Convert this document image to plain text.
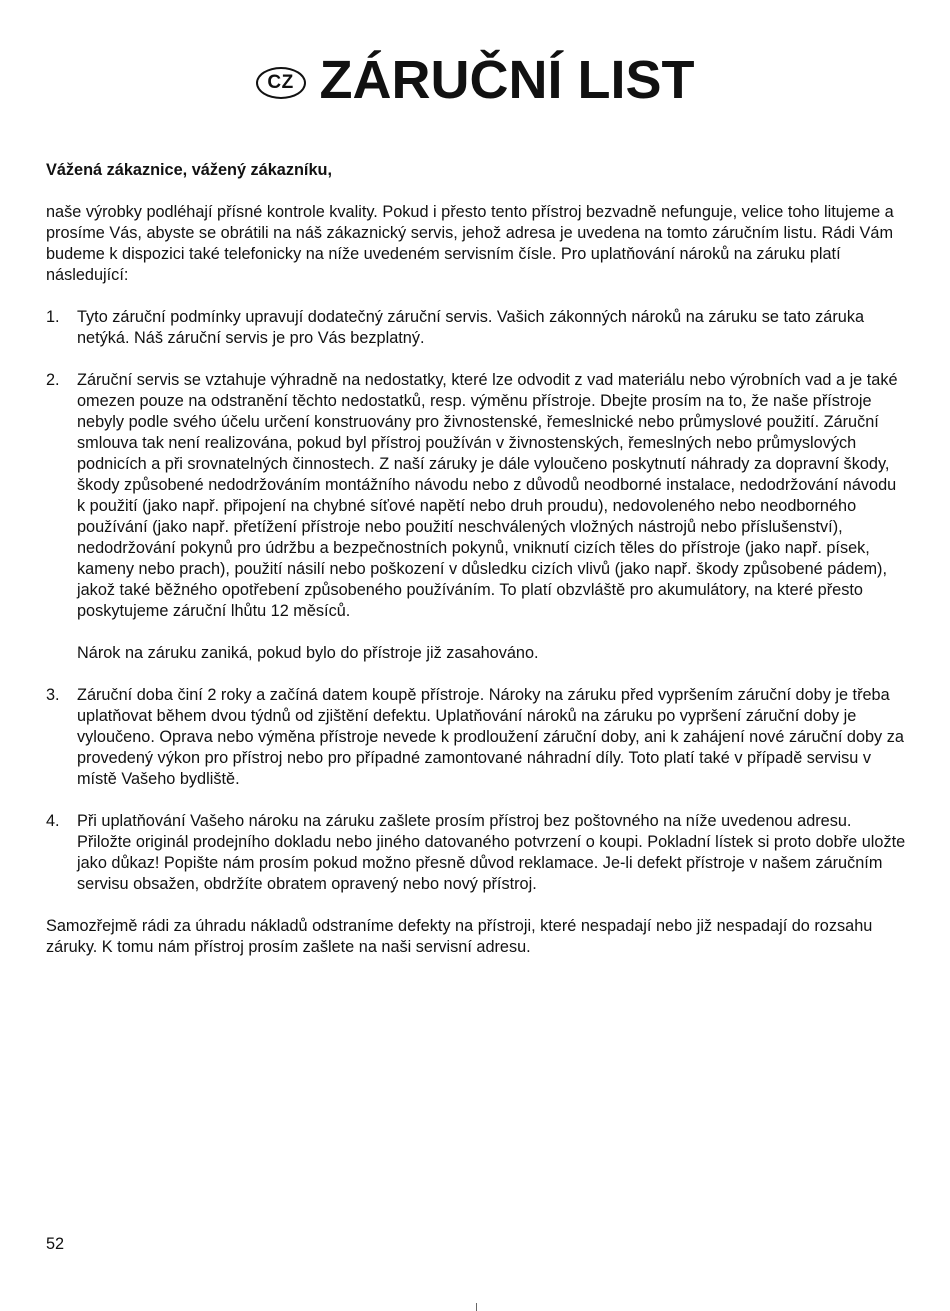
CZ ZÁRUČNÍ LIST

Vážená zákaznice, vážený zákazníku,

naše výrobky podléhají přísné kontrole kvality. Pokud i přesto tento přístroj bezvadně nefunguje, velice toho litujeme a prosíme Vás, abyste se obrátili na náš zákaznický servis, jehož adresa je uvedena na tomto záručním listu. Rádi Vám budeme k dispozici také telefonicky na níže uvedeném servisním čísle. Pro uplatňování nároků na záruku platí následující:

1. Tyto záruční podmínky upravují dodatečný záruční servis. Vašich zákonných nároků na záruku se tato záruka netýká. Náš záruční servis je pro Vás bezplatný.

2. Záruční servis se vztahuje výhradně na nedostatky, které lze odvodit z vad materiálu nebo výrobních vad a je také omezen pouze na odstranění těchto nedostatků, resp. výměnu přístroje. Dbejte prosím na to, že naše přístroje nebyly podle svého účelu určení konstruovány pro živnostenské, řemeslnické nebo průmyslové použití. Záruční smlouva tak není realizována, pokud byl přístroj používán v živnostenských, řemeslných nebo průmyslových podnicích a při srovnatelných činnostech. Z naší záruky je dále vyloučeno poskytnutí náhrady za dopravní škody, škody způsobené nedodržováním montážního návodu nebo z důvodů neodborné instalace, nedodržování návodu k použití (jako např. připojení na chybné síťové napětí nebo druh proudu), nedovoleného nebo neodborného používání (jako např. přetížení přístroje nebo použití neschválených vložných nástrojů nebo příslušenství), nedodržování pokynů pro údržbu a bezpečnostních pokynů, vniknutí cizích těles do přístroje (jako např. písek, kameny nebo prach), použití násilí nebo poškození v důsledku cizích vlivů (jako např. škody způsobené pádem), jakož také běžného opotřebení způsobeného používáním. To platí obzvláště pro akumulátory, na které přesto poskytujeme záruční lhůtu 12 měsíců.

Nárok na záruku zaniká, pokud bylo do přístroje již zasahováno.

3. Záruční doba činí 2 roky a začíná datem koupě přístroje. Nároky na záruku před vypršením záruční doby je třeba uplatňovat během dvou týdnů od zjištění defektu. Uplatňování nároků na záruku po vypršení záruční doby je vyloučeno. Oprava nebo výměna přístroje nevede k prodloužení záruční doby, ani k zahájení nové záruční doby za provedený výkon pro přístroj nebo pro případné zamontované náhradní díly. Toto platí také v případě servisu v místě Vašeho bydliště.

4. Při uplatňování Vašeho nároku na záruku zašlete prosím přístroj bez poštovného na níže uvedenou adresu. Přiložte originál prodejního dokladu nebo jiného datovaného potvrzení o koupi. Pokladní lístek si proto dobře uložte jako důkaz! Popište nám prosím pokud možno přesně důvod reklamace. Je-li defekt přístroje v našem záručním servisu obsažen, obdržíte obratem opravený nebo nový přístroj.

Samozřejmě rádi za úhradu nákladů odstraníme defekty na přístroji, které nespadají nebo již nespadají do rozsahu záruky. K tomu nám přístroj prosím zašlete na naši servisní adresu.

52
